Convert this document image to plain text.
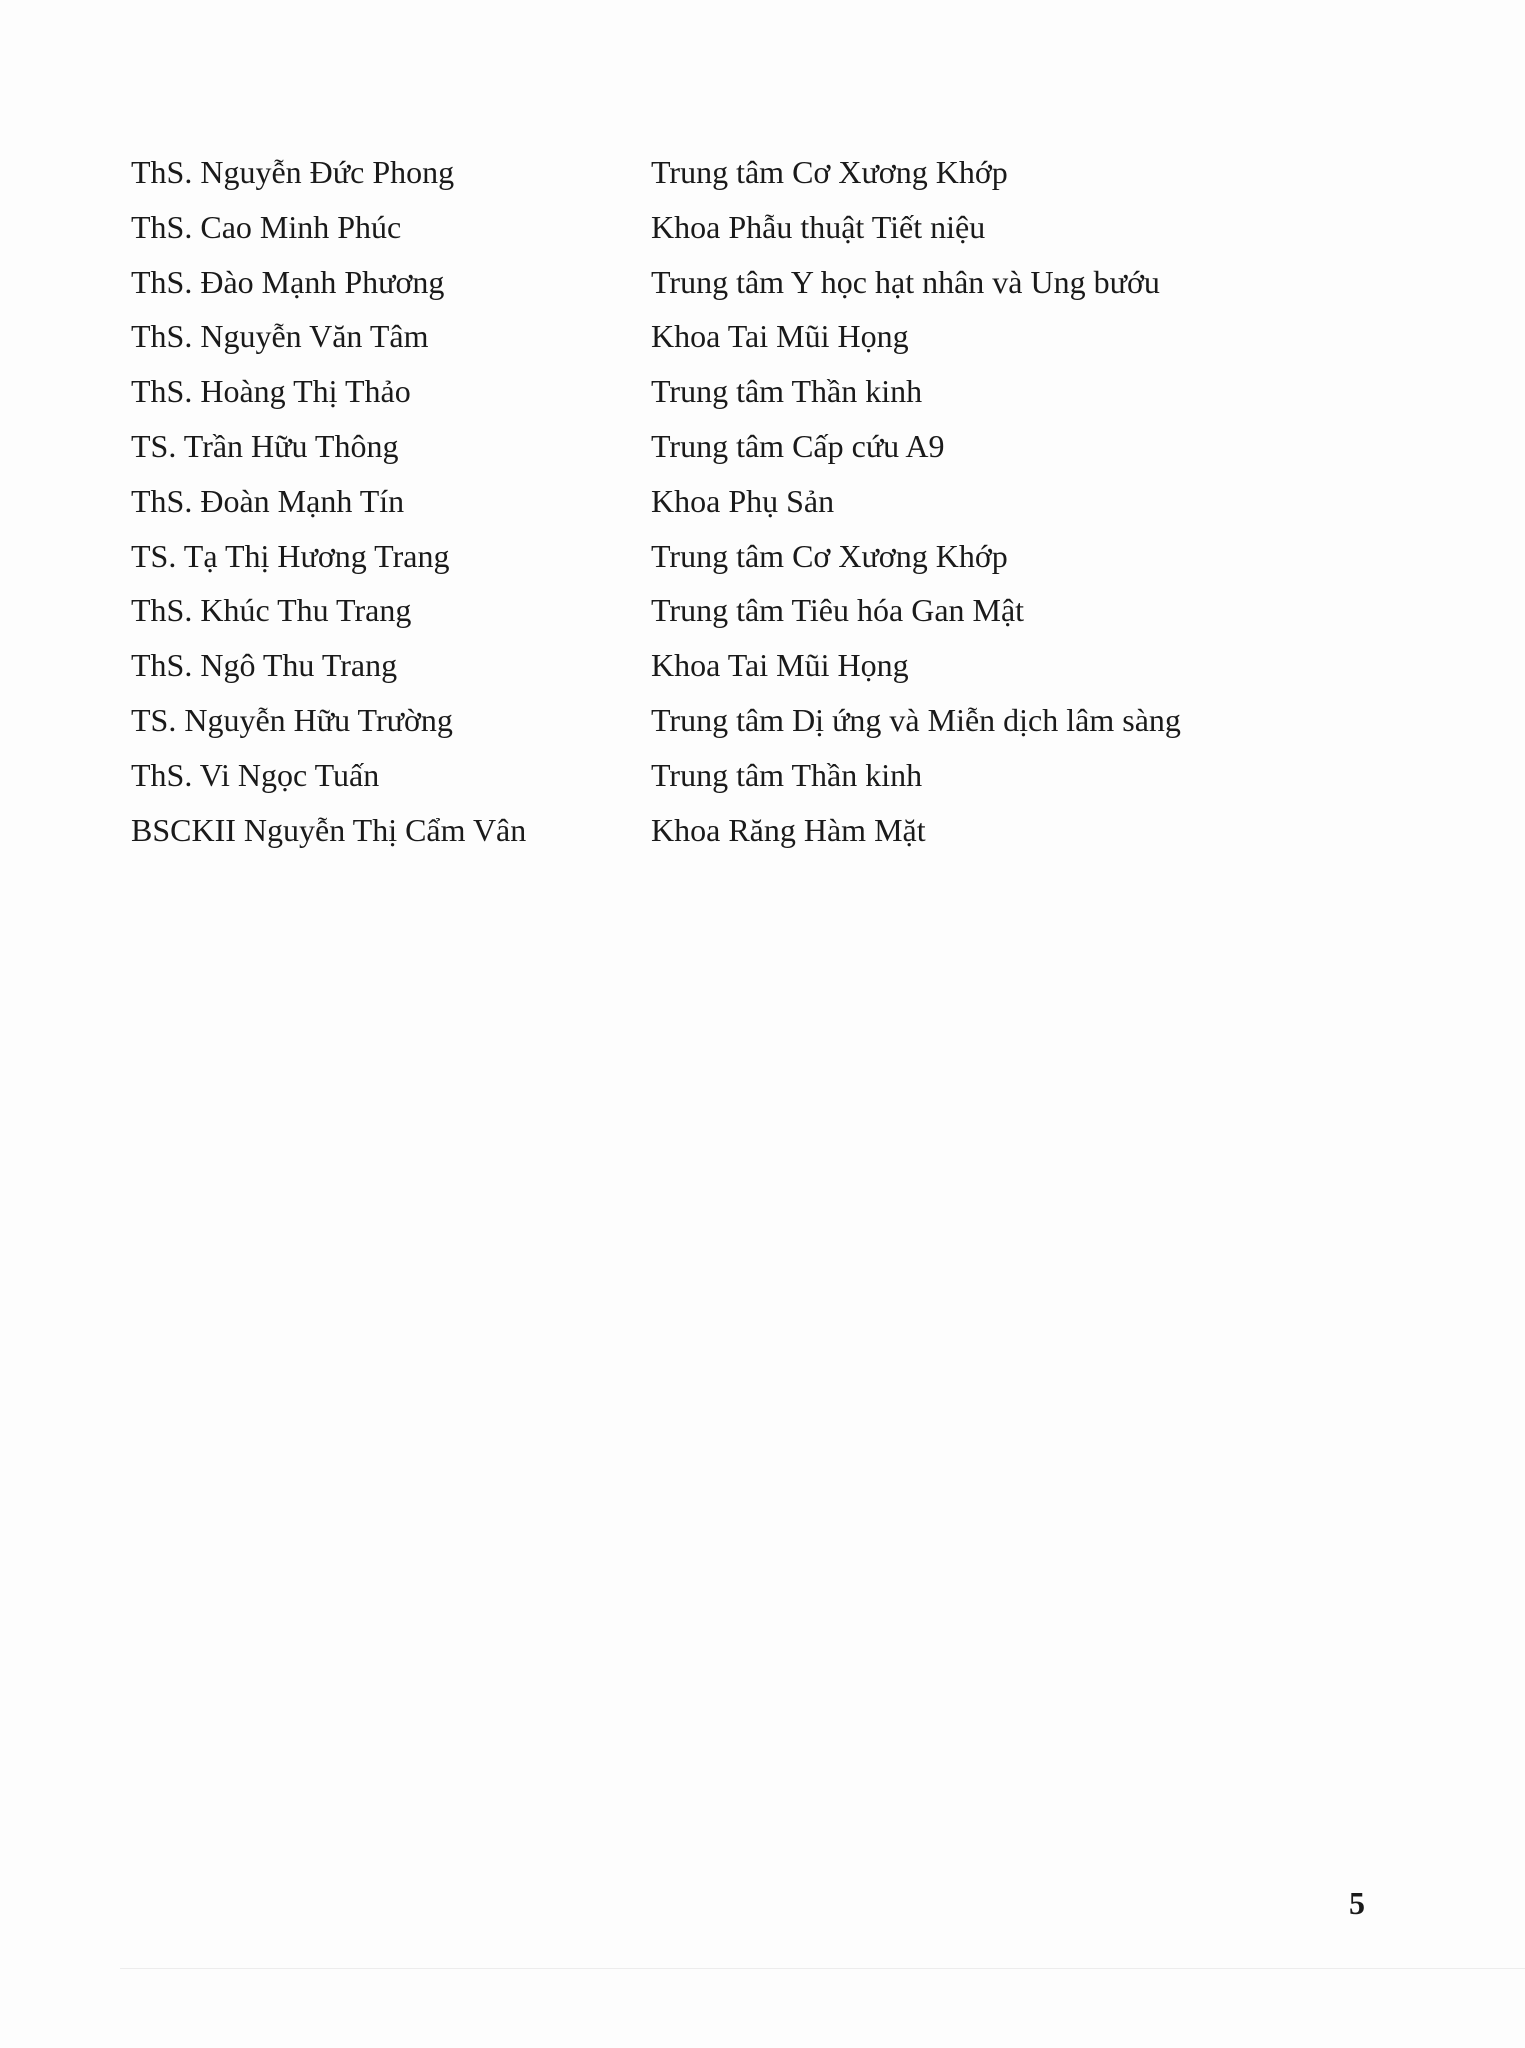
ThS. Nguyễn Đức Phong	Trung tâm Cơ Xương Khớp
ThS. Cao Minh Phúc	Khoa Phẫu thuật Tiết niệu
ThS. Đào Mạnh Phương	Trung tâm Y học hạt nhân và Ung bướu
ThS. Nguyễn Văn Tâm	Khoa Tai Mũi Họng
ThS. Hoàng Thị Thảo	Trung tâm Thần kinh
TS. Trần Hữu Thông	Trung tâm Cấp cứu A9
ThS. Đoàn Mạnh Tín	Khoa Phụ Sản
TS. Tạ Thị Hương Trang	Trung tâm Cơ Xương Khớp
ThS. Khúc Thu Trang	Trung tâm Tiêu hóa Gan Mật
ThS. Ngô Thu Trang	Khoa Tai Mũi Họng
TS. Nguyễn Hữu Trường	Trung tâm Dị ứng và Miễn dịch lâm sàng
ThS. Vi Ngọc Tuấn	Trung tâm Thần kinh
BSCKII Nguyễn Thị Cẩm Vân	Khoa Răng Hàm Mặt
5
